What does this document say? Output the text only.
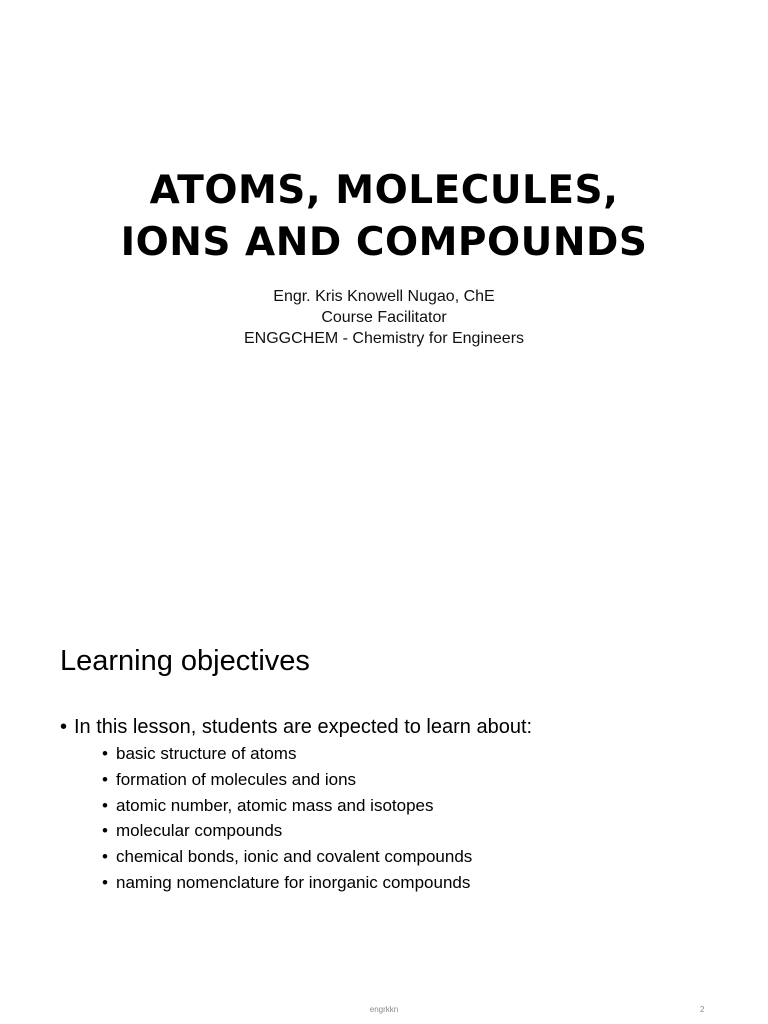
ATOMS, MOLECULES,
IONS AND COMPOUNDS
Engr. Kris Knowell Nugao, ChE
Course Facilitator
ENGGCHEM - Chemistry for Engineers
Learning objectives
• In this lesson, students are expected to learn about:
• basic structure of atoms
• formation of molecules and ions
• atomic number, atomic mass and isotopes
• molecular compounds
• chemical bonds, ionic and covalent compounds
• naming nomenclature for inorganic compounds
engrkkn	2
